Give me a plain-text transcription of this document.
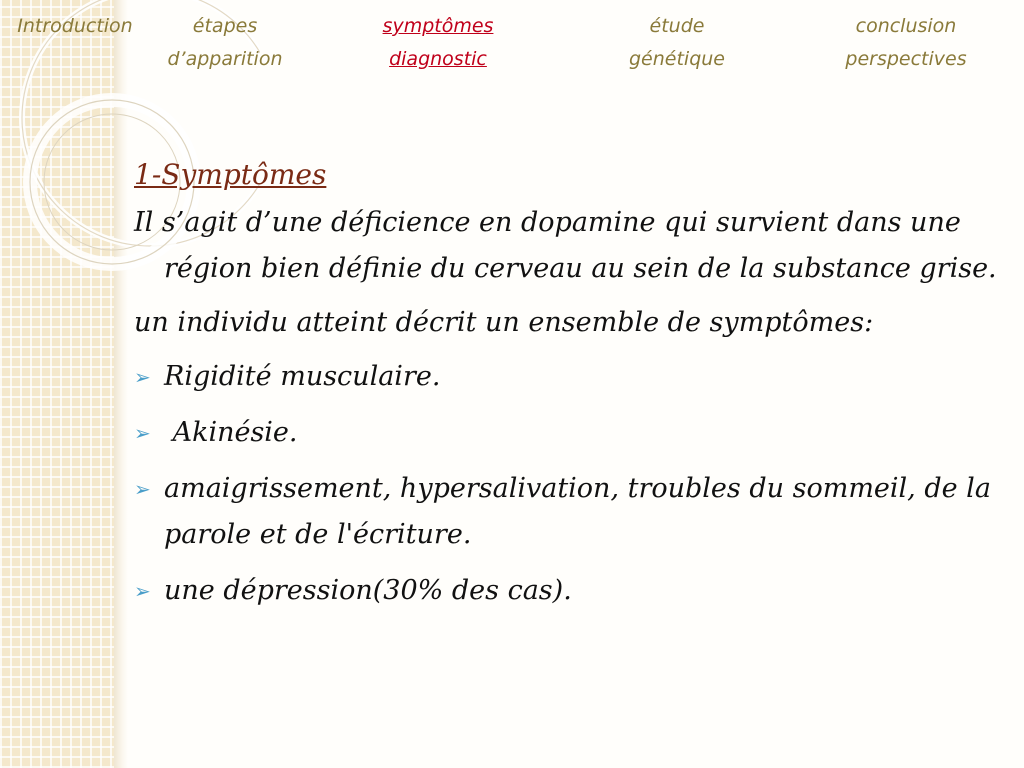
Introduction	étapes
d’apparition
symptômes
diagnostic
étude
génétique
conclusion
perspectives
1-Symptômes

Il s’agit d’une déficience en dopamine qui survient dans une région bien définie du cerveau au sein de la substance grise.

un individu atteint décrit un ensemble de symptômes:

➢ Rigidité musculaire.
➢ Akinésie.
➢ amaigrissement, hypersalivation, troubles du sommeil, de la parole et de l'écriture.
➢ une dépression(30% des cas).
